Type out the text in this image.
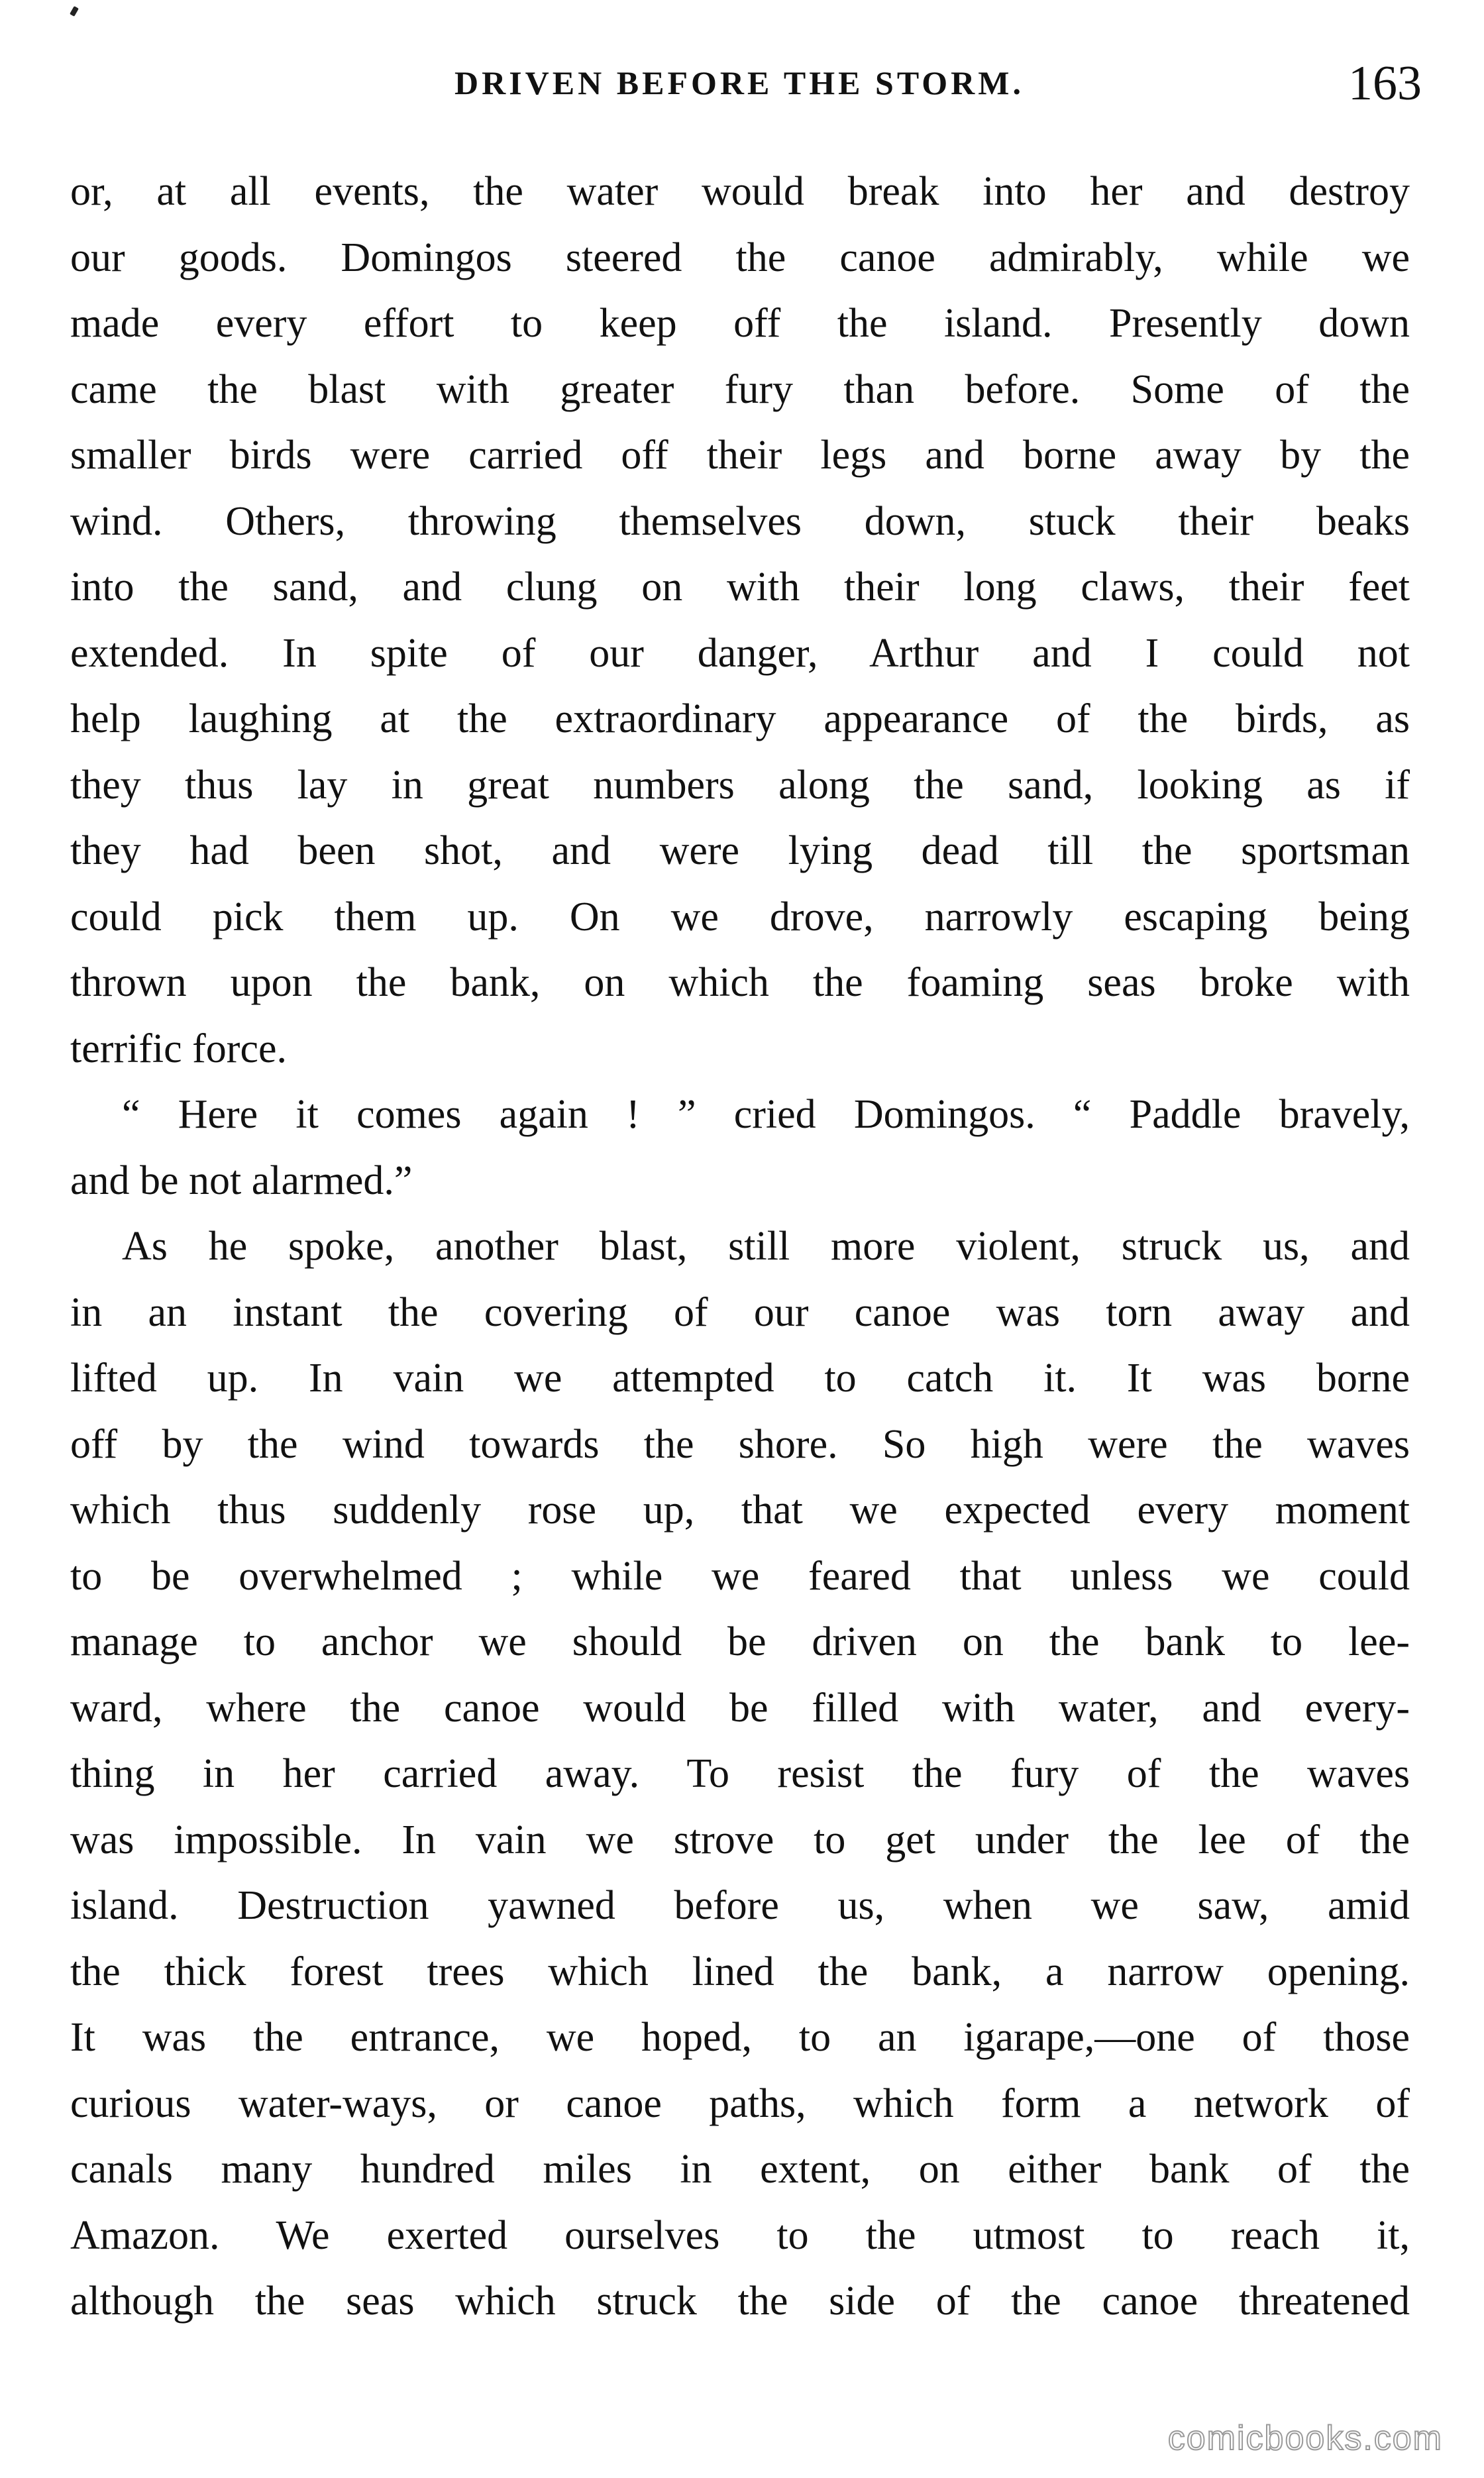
DRIVEN BEFORE THE STORM.	163
or, at all events, the water would break into her and destroy
our goods. Domingos steered the canoe admirably, while we
made every effort to keep off the island. Presently down
came the blast with greater fury than before. Some of the
smaller birds were carried off their legs and borne away by the
wind. Others, throwing themselves down, stuck their beaks
into the sand, and clung on with their long claws, their feet
extended. In spite of our danger, Arthur and I could not
help laughing at the extraordinary appearance of the birds, as
they thus lay in great numbers along the sand, looking as if
they had been shot, and were lying dead till the sportsman
could pick them up. On we drove, narrowly escaping being
thrown upon the bank, on which the foaming seas broke with
terrific force.
“ Here it comes again ! ” cried Domingos. “ Paddle bravely,
and be not alarmed.”
As he spoke, another blast, still more violent, struck us, and
in an instant the covering of our canoe was torn away and
lifted up. In vain we attempted to catch it. It was borne
off by the wind towards the shore. So high were the waves
which thus suddenly rose up, that we expected every moment
to be overwhelmed ; while we feared that unless we could
manage to anchor we should be driven on the bank to lee-
ward, where the canoe would be filled with water, and every-
thing in her carried away. To resist the fury of the waves
was impossible. In vain we strove to get under the lee of the
island. Destruction yawned before us, when we saw, amid
the thick forest trees which lined the bank, a narrow opening.
It was the entrance, we hoped, to an igarape,—one of those
curious water-ways, or canoe paths, which form a network of
canals many hundred miles in extent, on either bank of the
Amazon. We exerted ourselves to the utmost to reach it,
although the seas which struck the side of the canoe threatened
comicbooks.com
